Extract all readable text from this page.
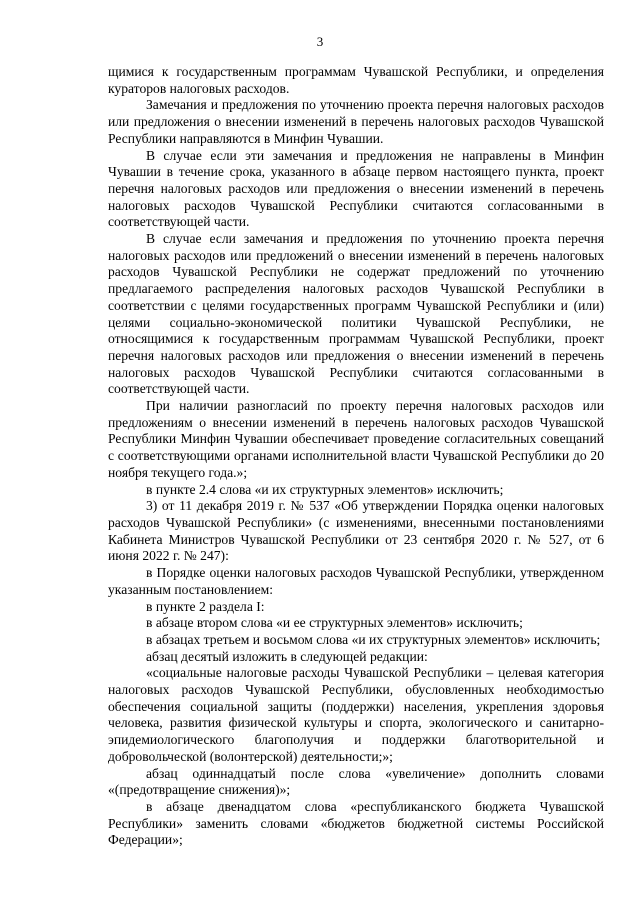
3

щимися к государственным программам Чувашской Республики, и определения кураторов налоговых расходов.

Замечания и предложения по уточнению проекта перечня налоговых расходов или предложения о внесении изменений в перечень налоговых расходов Чувашской Республики направляются в Минфин Чувашии.

В случае если эти замечания и предложения не направлены в Минфин Чувашии в течение срока, указанного в абзаце первом настоящего пункта, проект перечня налоговых расходов или предложения о внесении изменений в перечень налоговых расходов Чувашской Республики считаются согласованными в соответствующей части.

В случае если замечания и предложения по уточнению проекта перечня налоговых расходов или предложений о внесении изменений в перечень налоговых расходов Чувашской Республики не содержат предложений по уточнению предлагаемого распределения налоговых расходов Чувашской Республики в соответствии с целями государственных программ Чувашской Республики и (или) целями социально-экономической политики Чувашской Республики, не относящимися к государственным программам Чувашской Республики, проект перечня налоговых расходов или предложения о внесении изменений в перечень налоговых расходов Чувашской Республики считаются согласованными в соответствующей части.

При наличии разногласий по проекту перечня налоговых расходов или предложениям о внесении изменений в перечень налоговых расходов Чувашской Республики Минфин Чувашии обеспечивает проведение согласительных совещаний с соответствующими органами исполнительной власти Чувашской Республики до 20 ноября текущего года.»;

в пункте 2.4 слова «и их структурных элементов» исключить;

3) от 11 декабря 2019 г. № 537 «Об утверждении Порядка оценки налоговых расходов Чувашской Республики» (с изменениями, внесенными постановлениями Кабинета Министров Чувашской Республики от 23 сентября 2020 г. № 527, от 6 июня 2022 г. № 247):

в Порядке оценки налоговых расходов Чувашской Республики, утвержденном указанным постановлением:

в пункте 2 раздела I:

в абзаце втором слова «и ее структурных элементов» исключить;

в абзацах третьем и восьмом слова «и их структурных элементов» исключить;

абзац десятый изложить в следующей редакции:

«социальные налоговые расходы Чувашской Республики – целевая категория налоговых расходов Чувашской Республики, обусловленных необходимостью обеспечения социальной защиты (поддержки) населения, укрепления здоровья человека, развития физической культуры и спорта, экологического и санитарно-эпидемиологического благополучия и поддержки благотворительной и добровольческой (волонтерской) деятельности;»;

абзац одиннадцатый после слова «увеличение» дополнить словами «(предотвращение снижения)»;

в абзаце двенадцатом слова «республиканского бюджета Чувашской Республики» заменить словами «бюджетов бюджетной системы Российской Федерации»;
